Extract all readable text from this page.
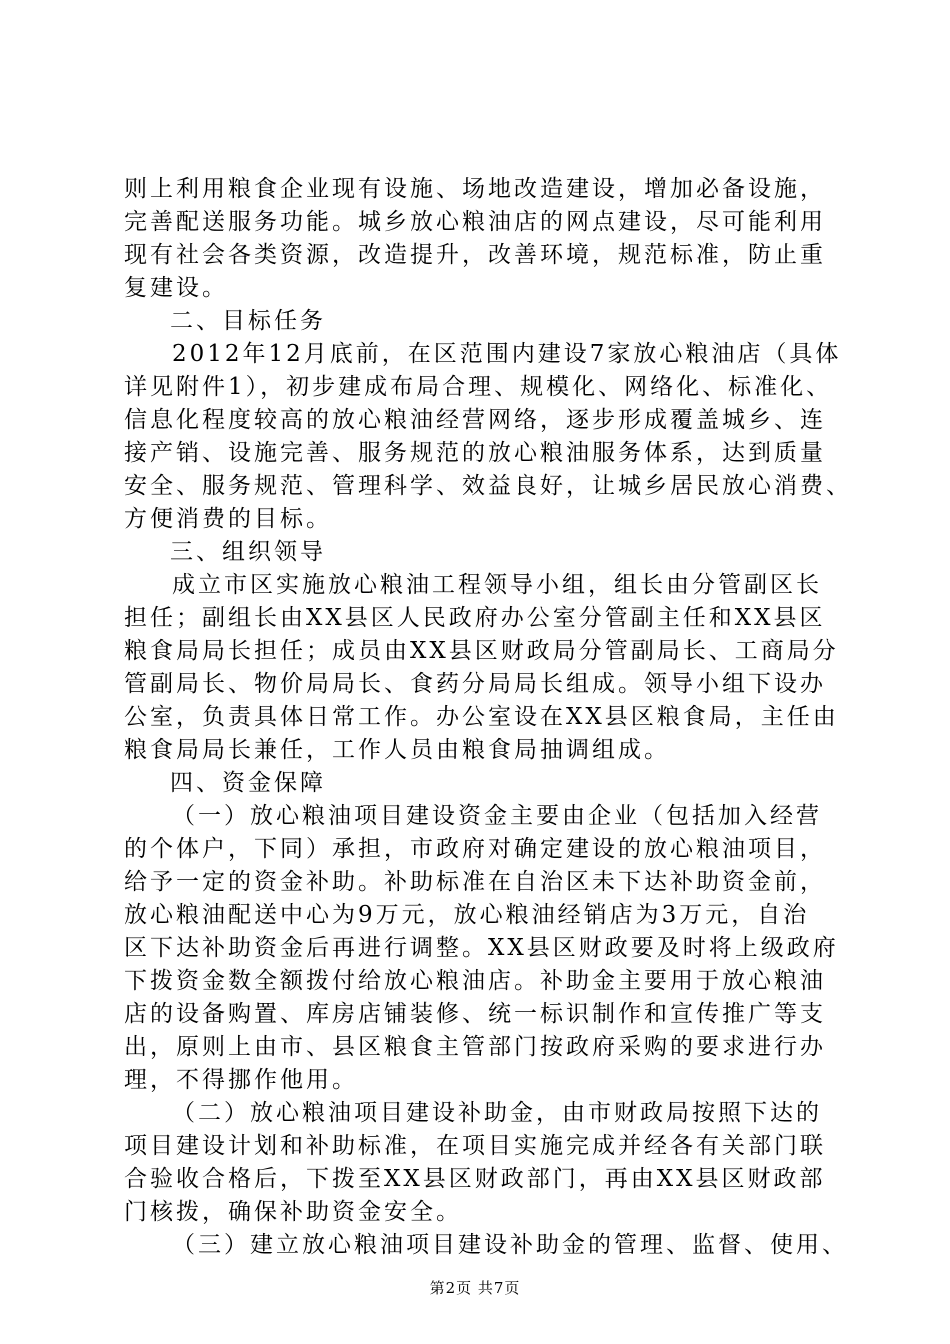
则上利用粮食企业现有设施、场地改造建设，增加必备设施，
完善配送服务功能。城乡放心粮油店的网点建设，尽可能利用
现有社会各类资源，改造提升，改善环境，规范标准，防止重
复建设。
二、目标任务
2012年12月底前，在区范围内建设7家放心粮油店（具体
详见附件1），初步建成布局合理、规模化、网络化、标准化、
信息化程度较高的放心粮油经营网络，逐步形成覆盖城乡、连
接产销、设施完善、服务规范的放心粮油服务体系，达到质量
安全、服务规范、管理科学、效益良好，让城乡居民放心消费、
方便消费的目标。
三、组织领导
成立市区实施放心粮油工程领导小组，组长由分管副区长
担任；副组长由XX县区人民政府办公室分管副主任和XX县区
粮食局局长担任；成员由XX县区财政局分管副局长、工商局分
管副局长、物价局局长、食药分局局长组成。领导小组下设办
公室，负责具体日常工作。办公室设在XX县区粮食局，主任由
粮食局局长兼任，工作人员由粮食局抽调组成。
四、资金保障
（一）放心粮油项目建设资金主要由企业（包括加入经营
的个体户，下同）承担，市政府对确定建设的放心粮油项目，
给予一定的资金补助。补助标准在自治区未下达补助资金前，
放心粮油配送中心为9万元，放心粮油经销店为3万元，自治
区下达补助资金后再进行调整。XX县区财政要及时将上级政府
下拨资金数全额拨付给放心粮油店。补助金主要用于放心粮油
店的设备购置、库房店铺装修、统一标识制作和宣传推广等支
出，原则上由市、县区粮食主管部门按政府采购的要求进行办
理，不得挪作他用。
（二）放心粮油项目建设补助金，由市财政局按照下达的
项目建设计划和补助标准，在项目实施完成并经各有关部门联
合验收合格后，下拨至XX县区财政部门，再由XX县区财政部
门核拨，确保补助资金安全。
（三）建立放心粮油项目建设补助金的管理、监督、使用、
第2页 共7页
